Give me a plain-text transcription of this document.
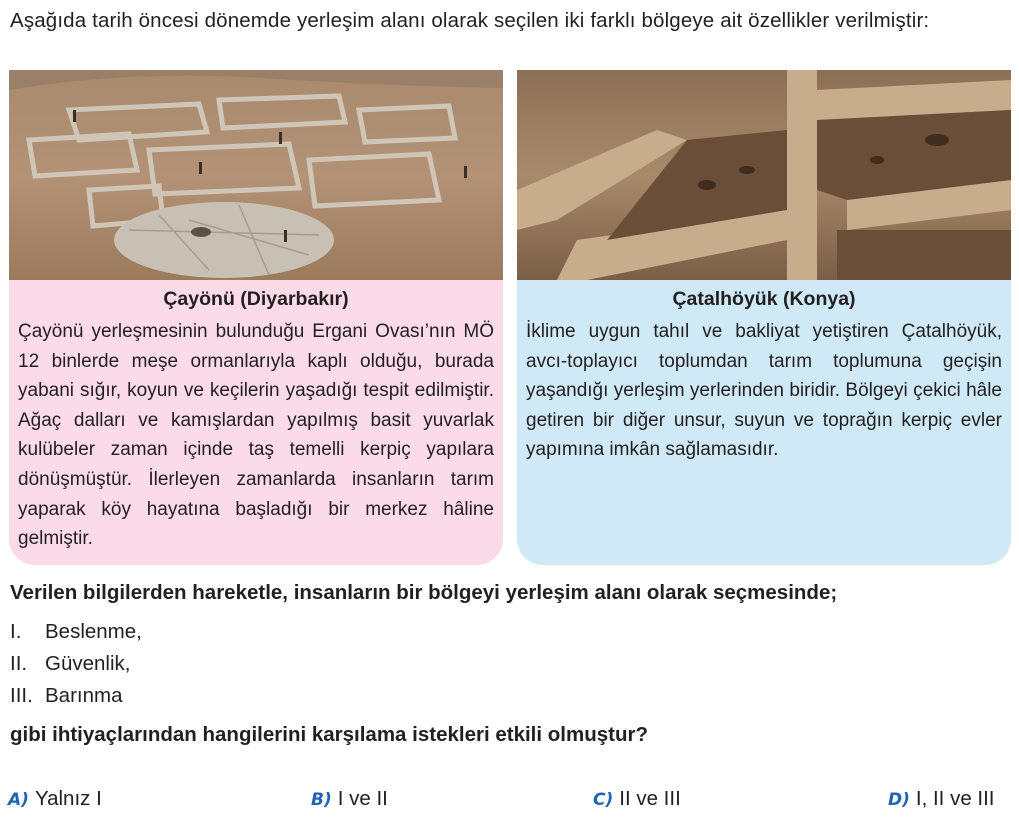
Aşağıda tarih öncesi dönemde yerleşim alanı olarak seçilen iki farklı bölgeye ait özellikler verilmiştir:
Çayönü (Diyarbakır)

Çayönü yerleşmesinin bulunduğu Ergani Ovası’nın MÖ 12 binlerde meşe ormanlarıyla kaplı olduğu, burada yabani sığır, koyun ve keçilerin yaşadığı tespit edilmiştir. Ağaç dalları ve kamışlardan yapılmış basit yuvarlak kulübeler zaman içinde taş temelli kerpiç yapılara dönüşmüştür. İlerleyen zamanlarda insanların tarım yaparak köy hayatına başladığı bir merkez hâline gelmiştir.

Çatalhöyük (Konya)

İklime uygun tahıl ve bakliyat yetiştiren Çatalhöyük, avcı-toplayıcı toplumdan tarım toplumuna geçişin yaşandığı yerleşim yerlerinden biridir. Bölgeyi çekici hâle getiren bir diğer unsur, suyun ve toprağın kerpiç evler yapımına imkân sağlamasıdır.

Verilen bilgilerden hareketle, insanların bir bölgeyi yerleşim alanı olarak seçmesinde;
I. Beslenme,
II. Güvenlik,
III. Barınma
gibi ihtiyaçlarından hangilerini karşılama istekleri etkili olmuştur?
A) Yalnız I	B) I ve II	C) II ve III	D) I, II ve III
